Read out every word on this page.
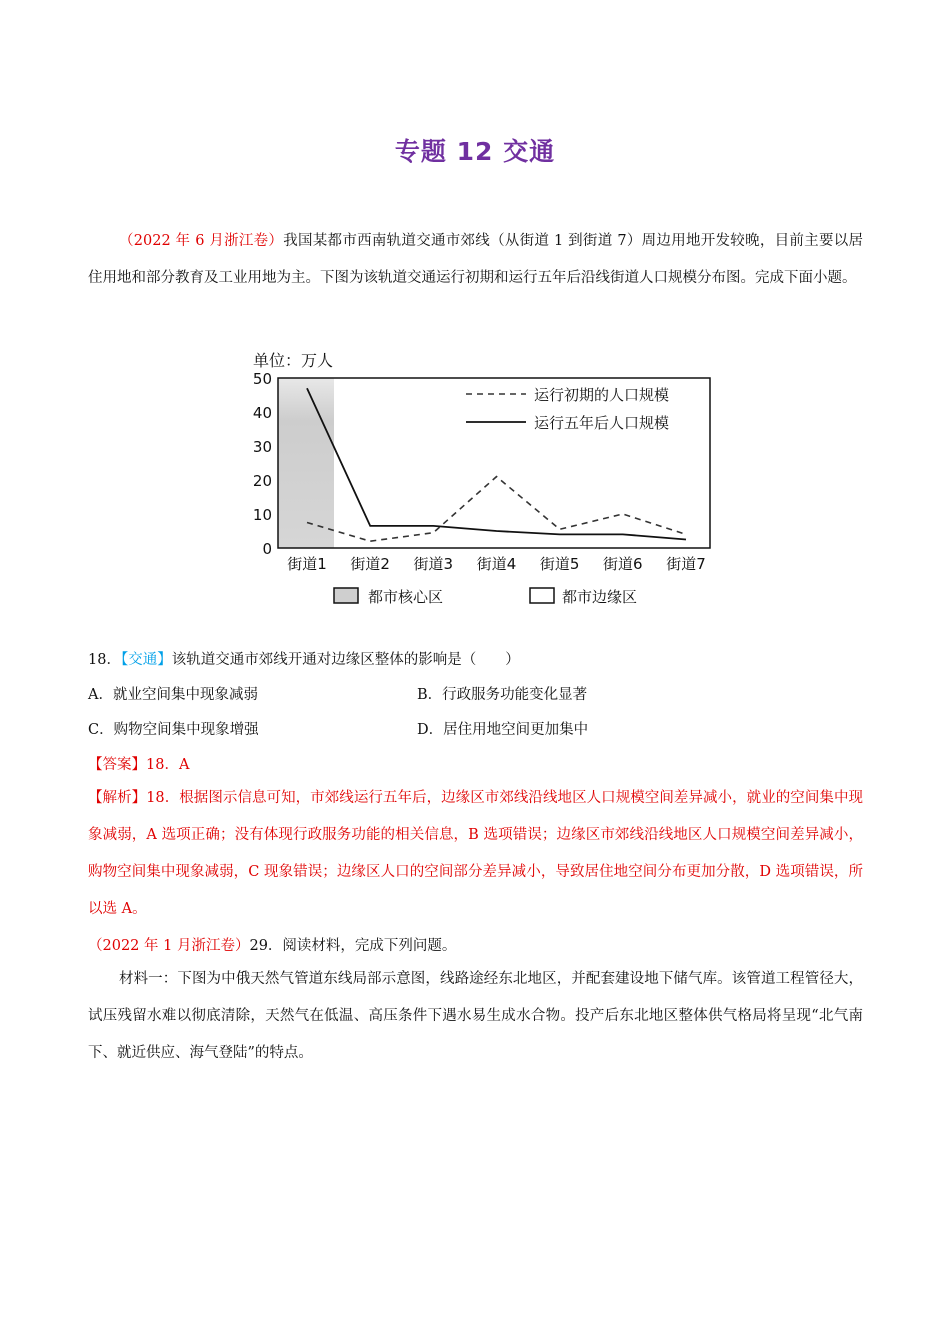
专题 12 交通
（2022 年 6 月浙江卷）我国某都市西南轨道交通市郊线（从街道 1 到街道 7）周边用地开发较晚，目前主要以居住用地和部分教育及工业用地为主。下图为该轨道交通运行初期和运行五年后沿线街道人口规模分布图。完成下面小题。
单位：万人
0
10
20
30
40
50
街道1 街道2 街道3 街道4 街道5 街道6 街道7
运行初期的人口规模
运行五年后人口规模
都市核心区	都市边缘区
18．【交通】该轨道交通市郊线开通对边缘区整体的影响是（　　）
A．就业空间集中现象减弱	B．行政服务功能变化显著
C．购物空间集中现象增强	D．居住用地空间更加集中
【答案】18．A
【解析】18．根据图示信息可知，市郊线运行五年后，边缘区市郊线沿线地区人口规模空间差异减小，就业的空间集中现象减弱，A 选项正确；没有体现行政服务功能的相关信息，B 选项错误；边缘区市郊线沿线地区人口规模空间差异减小，购物空间集中现象减弱，C 现象错误；边缘区人口的空间部分差异减小，导致居住地空间分布更加分散，D 选项错误，所以选 A。
（2022 年 1 月浙江卷）29．阅读材料，完成下列问题。
材料一：下图为中俄天然气管道东线局部示意图，线路途经东北地区，并配套建设地下储气库。该管道工程管径大，试压残留水难以彻底清除，天然气在低温、高压条件下遇水易生成水合物。投产后东北地区整体供气格局将呈现“北气南下、就近供应、海气登陆”的特点。
